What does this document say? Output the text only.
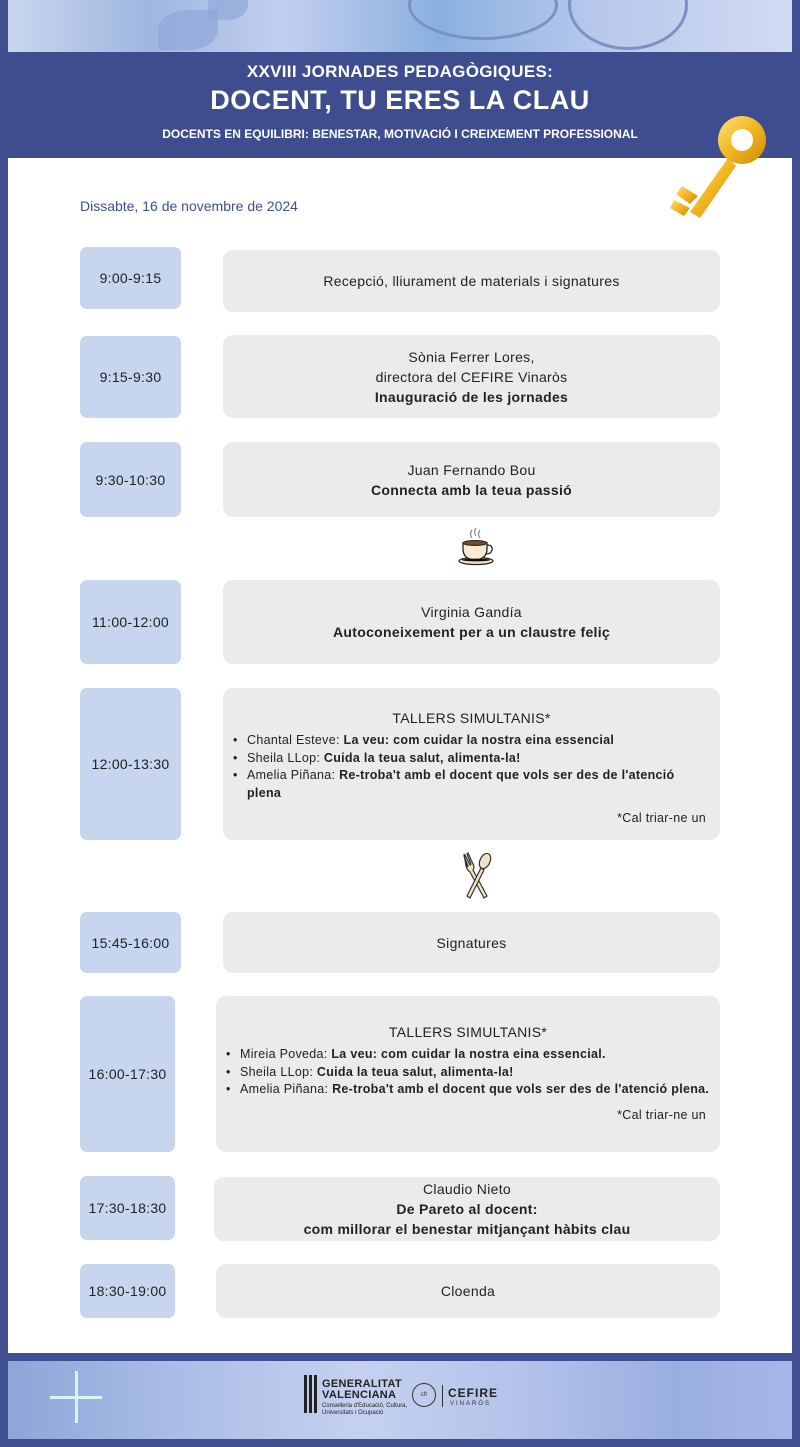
XXVIII JORNADES PEDAGÒGIQUES:
DOCENT, TU ERES LA CLAU
DOCENTS EN EQUILIBRI: BENESTAR, MOTIVACIÓ I CREIXEMENT PROFESSIONAL
Dissabte, 16 de novembre de 2024
9:00-9:15	Recepció, lliurament de materials i signatures
9:15-9:30
Sònia Ferrer Lores,
directora del CEFIRE Vinaròs
Inauguració de les jornades
9:30-10:30
Juan Fernando Bou
Connecta amb la teua passió
11:00-12:00
Virginia Gandía
Autoconeixement per a un claustre feliç
12:00-13:30
TALLERS SIMULTANIS*
• Chantal Esteve: La veu: com cuidar la nostra eina essencial
• Sheila LLop: Cuida la teua salut, alimenta-la!
• Amelia Piñana: Re-troba't amb el docent que vols ser des de l'atenció plena
*Cal triar-ne un
15:45-16:00	Signatures
16:00-17:30
TALLERS SIMULTANIS*
• Mireia Poveda: La veu: com cuidar la nostra eina essencial.
• Sheila LLop: Cuida la teua salut, alimenta-la!
• Amelia Piñana: Re-troba't amb el docent que vols ser des de l'atenció plena.
*Cal triar-ne un
17:30-18:30
Claudio Nieto
De Pareto al docent:
com millorar el benestar mitjançant hàbits clau
18:30-19:00	Cloenda
GENERALITAT
VALENCIANA
Conselleria d'Educació, Cultura, Universitats i Ocupació
cfr	CEFIRE
VINARÒS
